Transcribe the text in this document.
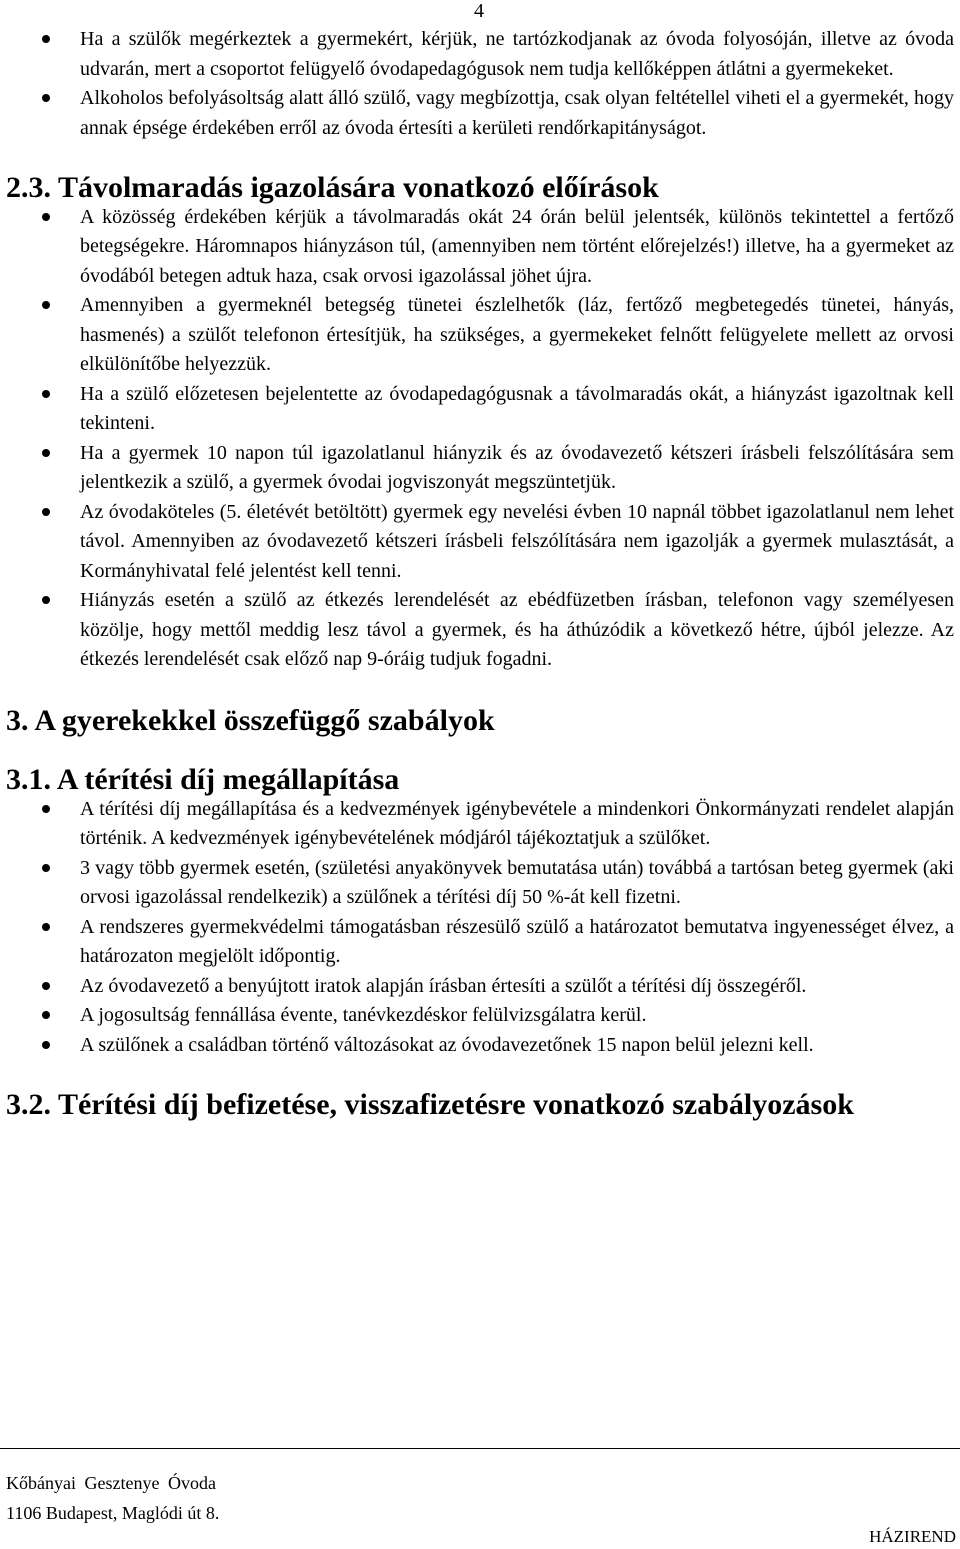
4
Ha a szülők megérkeztek a gyermekért, kérjük, ne tartózkodjanak az óvoda folyosóján, illetve az óvoda udvarán, mert a csoportot felügyelő óvodapedagógusok nem tudja kellőképpen átlátni a gyermekeket.
Alkoholos befolyásoltság alatt álló szülő, vagy megbízottja, csak olyan feltétellel viheti el a gyermekét, hogy annak épsége érdekében erről az óvoda értesíti a kerületi rendőrkapitányságot.
2.3. Távolmaradás igazolására vonatkozó előírások
A közösség érdekében kérjük a távolmaradás okát 24 órán belül jelentsék, különös tekintettel a fertőző betegségekre. Háromnapos hiányzáson túl, (amennyiben nem történt előrejelzés!) illetve, ha a gyermeket az óvodából betegen adtuk haza, csak orvosi igazolással jöhet újra.
Amennyiben a gyermeknél betegség tünetei észlelhetők (láz, fertőző megbetegedés tünetei, hányás, hasmenés) a szülőt telefonon értesítjük, ha szükséges, a gyermekeket felnőtt felügyelete mellett az orvosi elkülönítőbe helyezzük.
Ha a szülő előzetesen bejelentette az óvodapedagógusnak a távolmaradás okát, a hiányzást igazoltnak kell tekinteni.
Ha a gyermek 10 napon túl igazolatlanul hiányzik és az óvodavezető kétszeri írásbeli felszólítására sem jelentkezik a szülő, a gyermek óvodai jogviszonyát megszüntetjük.
Az óvodaköteles (5. életévét betöltött) gyermek egy nevelési évben 10 napnál többet igazolatlanul nem lehet távol. Amennyiben az óvodavezető kétszeri írásbeli felszólítására nem igazolják a gyermek mulasztását, a Kormányhivatal felé jelentést kell tenni.
Hiányzás esetén a szülő az étkezés lerendelését az ebédfüzetben írásban, telefonon vagy személyesen közölje, hogy mettől meddig lesz távol a gyermek, és ha áthúzódik a következő hétre, újból jelezze. Az étkezés lerendelését csak előző nap 9-óráig tudjuk fogadni.
3. A gyerekekkel összefüggő szabályok
3.1. A térítési díj megállapítása
A térítési díj megállapítása és a kedvezmények igénybevétele a mindenkori Önkormányzati rendelet alapján történik. A kedvezmények igénybevételének módjáról tájékoztatjuk a szülőket.
3 vagy több gyermek esetén, (születési anyakönyvek bemutatása után) továbbá a tartósan beteg gyermek (aki orvosi igazolással rendelkezik) a szülőnek a térítési díj 50 %-át kell fizetni.
A rendszeres gyermekvédelmi támogatásban részesülő szülő a határozatot bemutatva ingyenességet élvez, a határozaton megjelölt időpontig.
Az óvodavezető a benyújtott iratok alapján írásban értesíti a szülőt a térítési díj összegéről.
A jogosultság fennállása évente, tanévkezdéskor felülvizsgálatra kerül.
A szülőnek a családban történő változásokat az óvodavezetőnek 15 napon belül jelezni kell.
3.2. Térítési díj befizetése, visszafizetésre vonatkozó szabályozások
Kőbányai Gesztenye Óvoda
1106 Budapest, Maglódi út 8.
HÁZIREND
